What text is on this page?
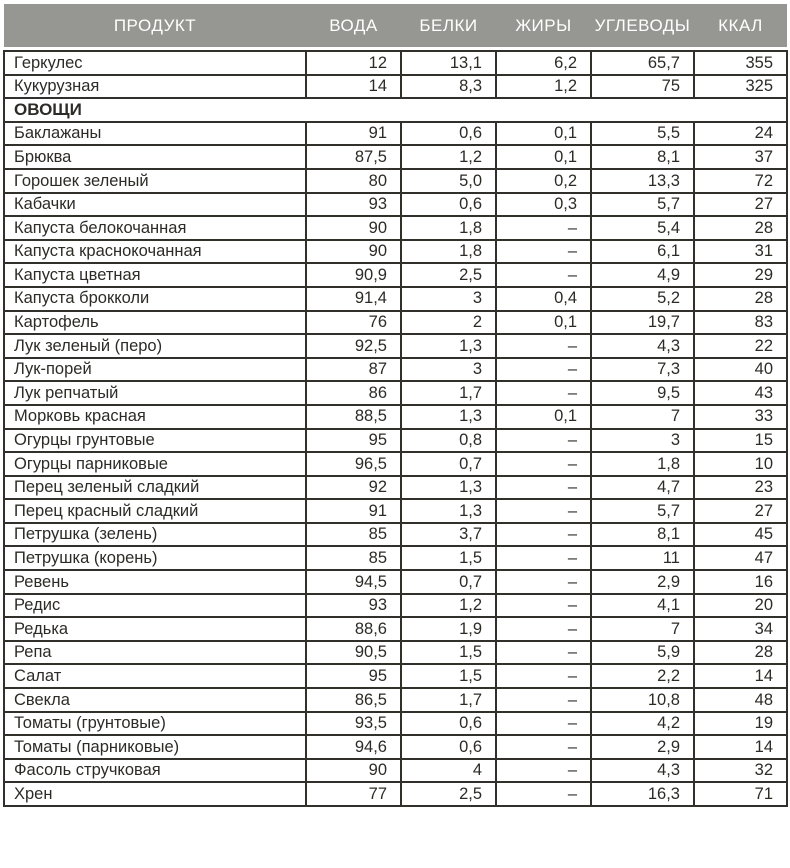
ПРОДУКТ	ВОДА	БЕЛКИ	ЖИРЫ	УГЛЕВОДЫ	ККАЛ

Геркулес	12	13,1	6,2	65,7	355
Кукурузная	14	8,3	1,2	75	325
ОВОЩИ					
Баклажаны	91	0,6	0,1	5,5	24
Брюква	87,5	1,2	0,1	8,1	37
Горошек зеленый	80	5,0	0,2	13,3	72
Кабачки	93	0,6	0,3	5,7	27
Капуста белокочанная	90	1,8	–	5,4	28
Капуста краснокочанная	90	1,8	–	6,1	31
Капуста цветная	90,9	2,5	–	4,9	29
Капуста брокколи	91,4	3	0,4	5,2	28
Картофель	76	2	0,1	19,7	83
Лук зеленый (перо)	92,5	1,3	–	4,3	22
Лук-порей	87	3	–	7,3	40
Лук репчатый	86	1,7	–	9,5	43
Морковь красная	88,5	1,3	0,1	7	33
Огурцы грунтовые	95	0,8	–	3	15
Огурцы парниковые	96,5	0,7	–	1,8	10
Перец зеленый сладкий	92	1,3	–	4,7	23
Перец красный сладкий	91	1,3	–	5,7	27
Петрушка (зелень)	85	3,7	–	8,1	45
Петрушка (корень)	85	1,5	–	11	47
Ревень	94,5	0,7	–	2,9	16
Редис	93	1,2	–	4,1	20
Редька	88,6	1,9	–	7	34
Репа	90,5	1,5	–	5,9	28
Салат	95	1,5	–	2,2	14
Свекла	86,5	1,7	–	10,8	48
Томаты (грунтовые)	93,5	0,6	–	4,2	19
Томаты (парниковые)	94,6	0,6	–	2,9	14
Фасоль стручковая	90	4	–	4,3	32
Хрен	77	2,5	–	16,3	71
